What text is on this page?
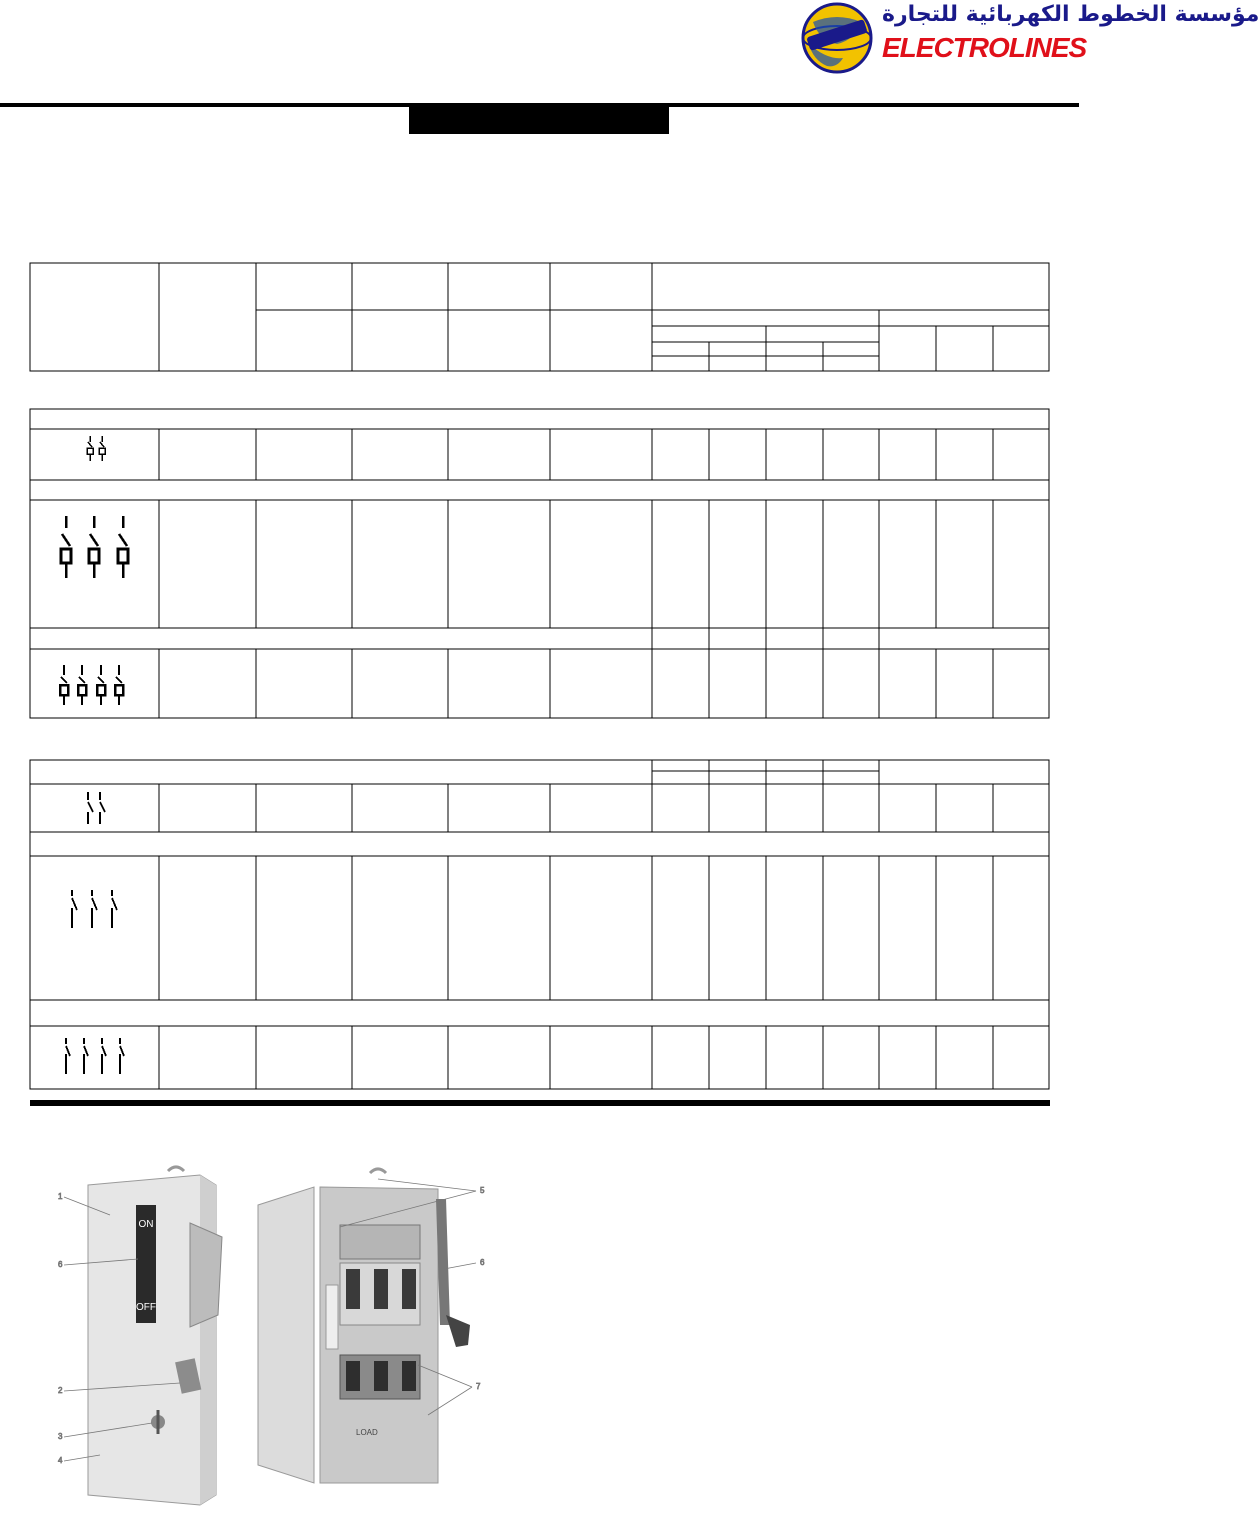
مؤسسة الخطوط الكهربائية للتجارة
ELECTROLINES
ON
OFF
1
6
2
3
4
LOAD
5
6
7
